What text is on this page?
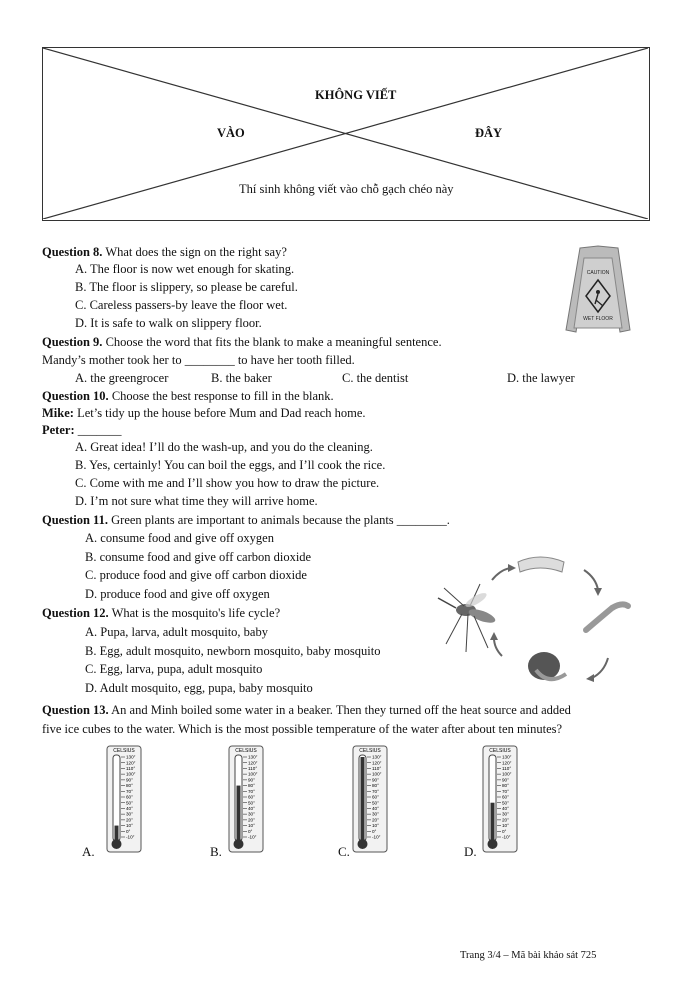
KHÔNG VIẾT
VÀO	ĐÂY
Thí sinh không viết vào chỗ gạch chéo này
Question 8. What does the sign on the right say?
A. The floor is now wet enough for skating.
B. The floor is slippery, so please be careful.
C. Careless passers-by leave the floor wet.
D. It is safe to walk on slippery floor.
CAUTION
WET FLOOR
Question 9. Choose the word that fits the blank to make a meaningful sentence.
Mandy’s mother took her to ________ to have her tooth filled.
A. the greengrocer	B. the baker	C. the dentist	D. the lawyer
Question 10. Choose the best response to fill in the blank.
Mike: Let’s tidy up the house before Mum and Dad reach home.
Peter: _______
A. Great idea! I’ll do the wash-up, and you do the cleaning.
B. Yes, certainly! You can boil the eggs, and I’ll cook the rice.
C. Come with me and I’ll show you how to draw the picture.
D. I’m not sure what time they will arrive home.
Question 11. Green plants are important to animals because the plants ________.
A. consume food and give off oxygen
B. consume food and give off carbon dioxide
C. produce food and give off carbon dioxide
D. produce food and give off oxygen
Question 12. What is the mosquito's life cycle?
A. Pupa, larva, adult mosquito, baby
B. Egg, adult mosquito, newborn mosquito, baby mosquito
C. Egg, larva, pupa, adult mosquito
D. Adult mosquito, egg, pupa, baby mosquito
Question 13. An and Minh boiled some water in a beaker. Then they turned off the heat source and added
five ice cubes to the water. Which is the most possible temperature of the water after about ten minutes?
A.
CELSIUS
130°
120°
110°
100°
90°
80°
70°
60°
50°
40°
30°
20°
10°
0°
-10°
B.
CELSIUS
130°
120°
110°
100°
90°
80°
70°
60°
50°
40°
30°
20°
10°
0°
-10°
C.
CELSIUS
130°
120°
110°
100°
90°
80°
70°
60°
50°
40°
30°
20°
10°
0°
-10°
D.
CELSIUS
130°
120°
110°
100°
90°
80°
70°
60°
50°
40°
30°
20°
10°
0°
-10°
Trang 3/4 – Mã bài khảo sát 725
